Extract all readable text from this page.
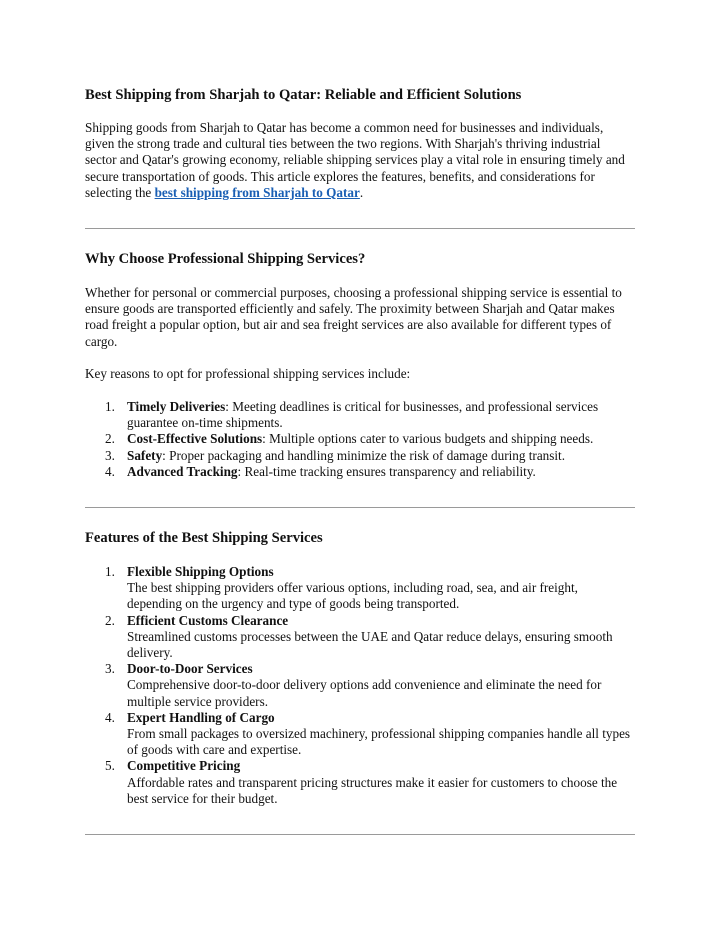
Best Shipping from Sharjah to Qatar: Reliable and Efficient Solutions

Shipping goods from Sharjah to Qatar has become a common need for businesses and individuals, given the strong trade and cultural ties between the two regions. With Sharjah's thriving industrial sector and Qatar's growing economy, reliable shipping services play a vital role in ensuring timely and secure transportation of goods. This article explores the features, benefits, and considerations for selecting the best shipping from Sharjah to Qatar.

Why Choose Professional Shipping Services?

Whether for personal or commercial purposes, choosing a professional shipping service is essential to ensure goods are transported efficiently and safely. The proximity between Sharjah and Qatar makes road freight a popular option, but air and sea freight services are also available for different types of cargo.

Key reasons to opt for professional shipping services include:

1. Timely Deliveries: Meeting deadlines is critical for businesses, and professional services guarantee on-time shipments.
2. Cost-Effective Solutions: Multiple options cater to various budgets and shipping needs.
3. Safety: Proper packaging and handling minimize the risk of damage during transit.
4. Advanced Tracking: Real-time tracking ensures transparency and reliability.
Features of the Best Shipping Services
1. Flexible Shipping Options
The best shipping providers offer various options, including road, sea, and air freight, depending on the urgency and type of goods being transported.
2. Efficient Customs Clearance
Streamlined customs processes between the UAE and Qatar reduce delays, ensuring smooth delivery.
3. Door-to-Door Services
Comprehensive door-to-door delivery options add convenience and eliminate the need for multiple service providers.
4. Expert Handling of Cargo
From small packages to oversized machinery, professional shipping companies handle all types of goods with care and expertise.
5. Competitive Pricing
Affordable rates and transparent pricing structures make it easier for customers to choose the best service for their budget.
